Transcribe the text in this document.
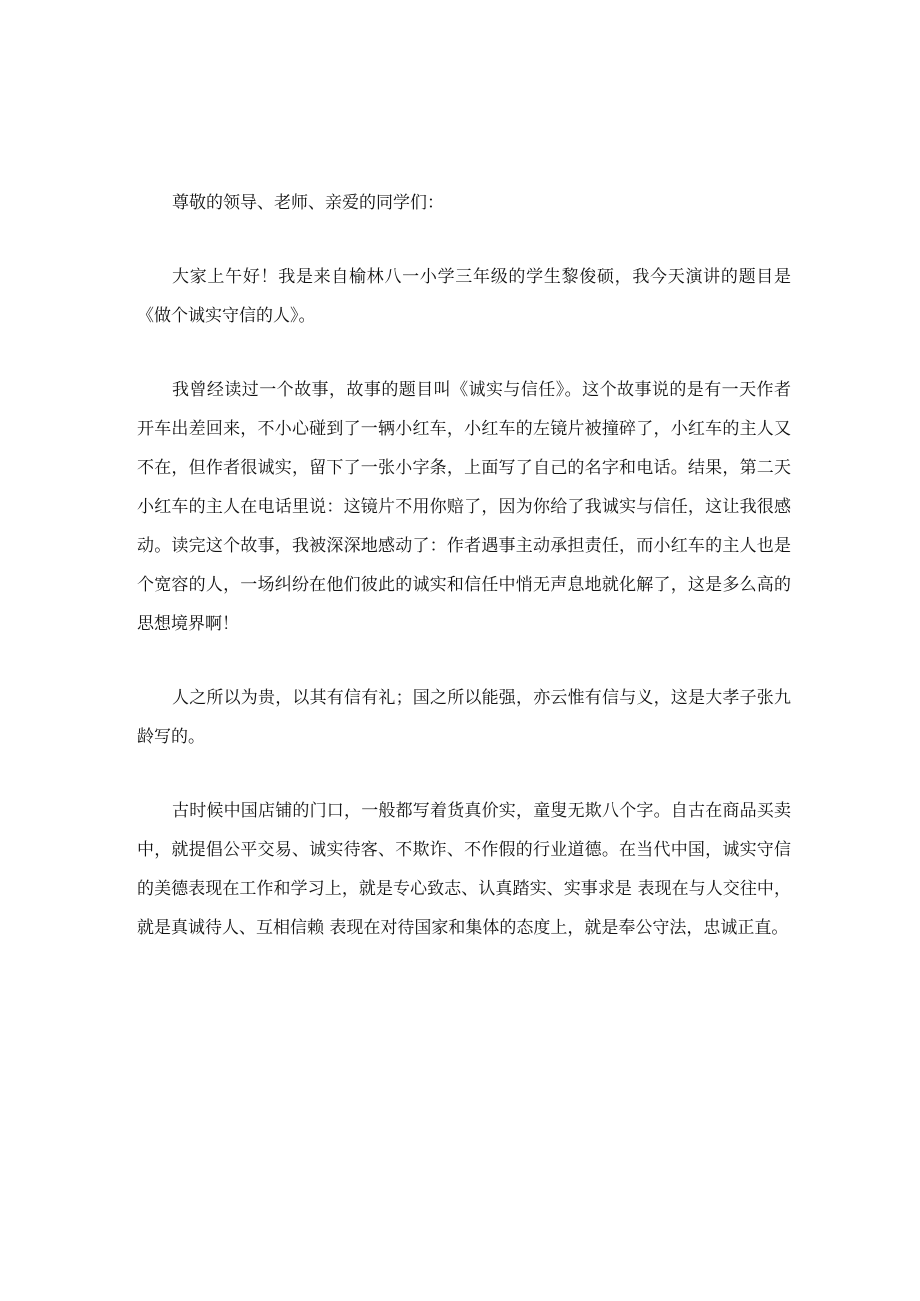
尊敬的领导、老师、亲爱的同学们：

大家上午好！我是来自榆林八一小学三年级的学生黎俊硕，我今天演讲的题目是《做个诚实守信的人》。

我曾经读过一个故事，故事的题目叫《诚实与信任》。这个故事说的是有一天作者开车出差回来，不小心碰到了一辆小红车，小红车的左镜片被撞碎了，小红车的主人又不在，但作者很诚实，留下了一张小字条，上面写了自己的名字和电话。结果，第二天小红车的主人在电话里说：这镜片不用你赔了，因为你给了我诚实与信任，这让我很感动。读完这个故事，我被深深地感动了：作者遇事主动承担责任，而小红车的主人也是个宽容的人，一场纠纷在他们彼此的诚实和信任中悄无声息地就化解了，这是多么高的思想境界啊！

人之所以为贵，以其有信有礼；国之所以能强，亦云惟有信与义，这是大孝子张九龄写的。

古时候中国店铺的门口，一般都写着货真价实，童叟无欺八个字。自古在商品买卖中，就提倡公平交易、诚实待客、不欺诈、不作假的行业道德。在当代中国，诚实守信的美德表现在工作和学习上，就是专心致志、认真踏实、实事求是 表现在与人交往中，就是真诚待人、互相信赖 表现在对待国家和集体的态度上，就是奉公守法，忠诚正直。
